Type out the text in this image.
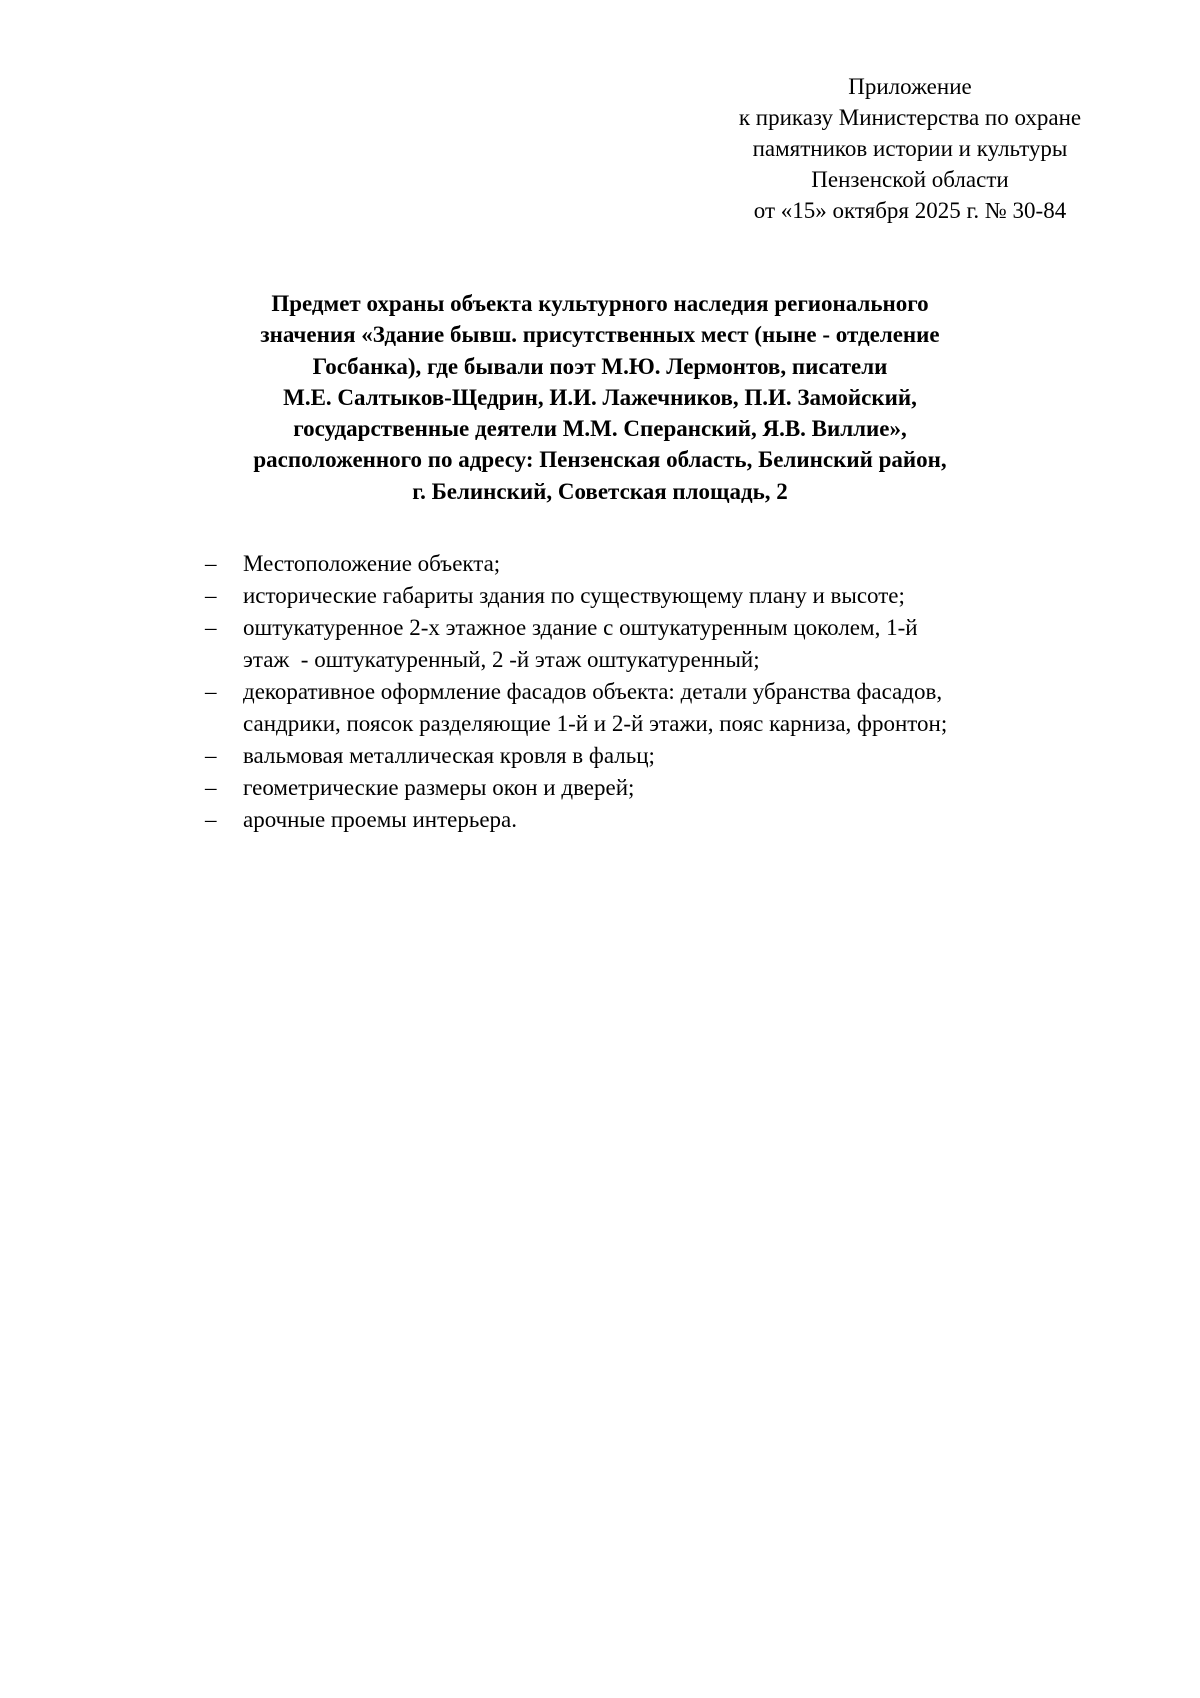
Приложение
к приказу Министерства по охране
памятников истории и культуры
Пензенской области
от «15» октября 2025 г. № 30-84
Предмет охраны объекта культурного наследия регионального
значения «Здание бывш. присутственных мест (ныне - отделение
Госбанка), где бывали поэт М.Ю. Лермонтов, писатели
М.Е. Салтыков-Щедрин, И.И. Лажечников, П.И. Замойский,
государственные деятели М.М. Сперанский, Я.В. Виллие»,
расположенного по адресу: Пензенская область, Белинский район,
г. Белинский, Советская площадь, 2
– Местоположение объекта;
– исторические габариты здания по существующему плану и высоте;
– оштукатуренное 2-х этажное здание с оштукатуренным цоколем, 1-й
этаж  - оштукатуренный, 2 -й этаж оштукатуренный;
– декоративное оформление фасадов объекта: детали убранства фасадов,
сандрики, поясок разделяющие 1-й и 2-й этажи, пояс карниза, фронтон;
– вальмовая металлическая кровля в фальц;
– геометрические размеры окон и дверей;
– арочные проемы интерьера.
